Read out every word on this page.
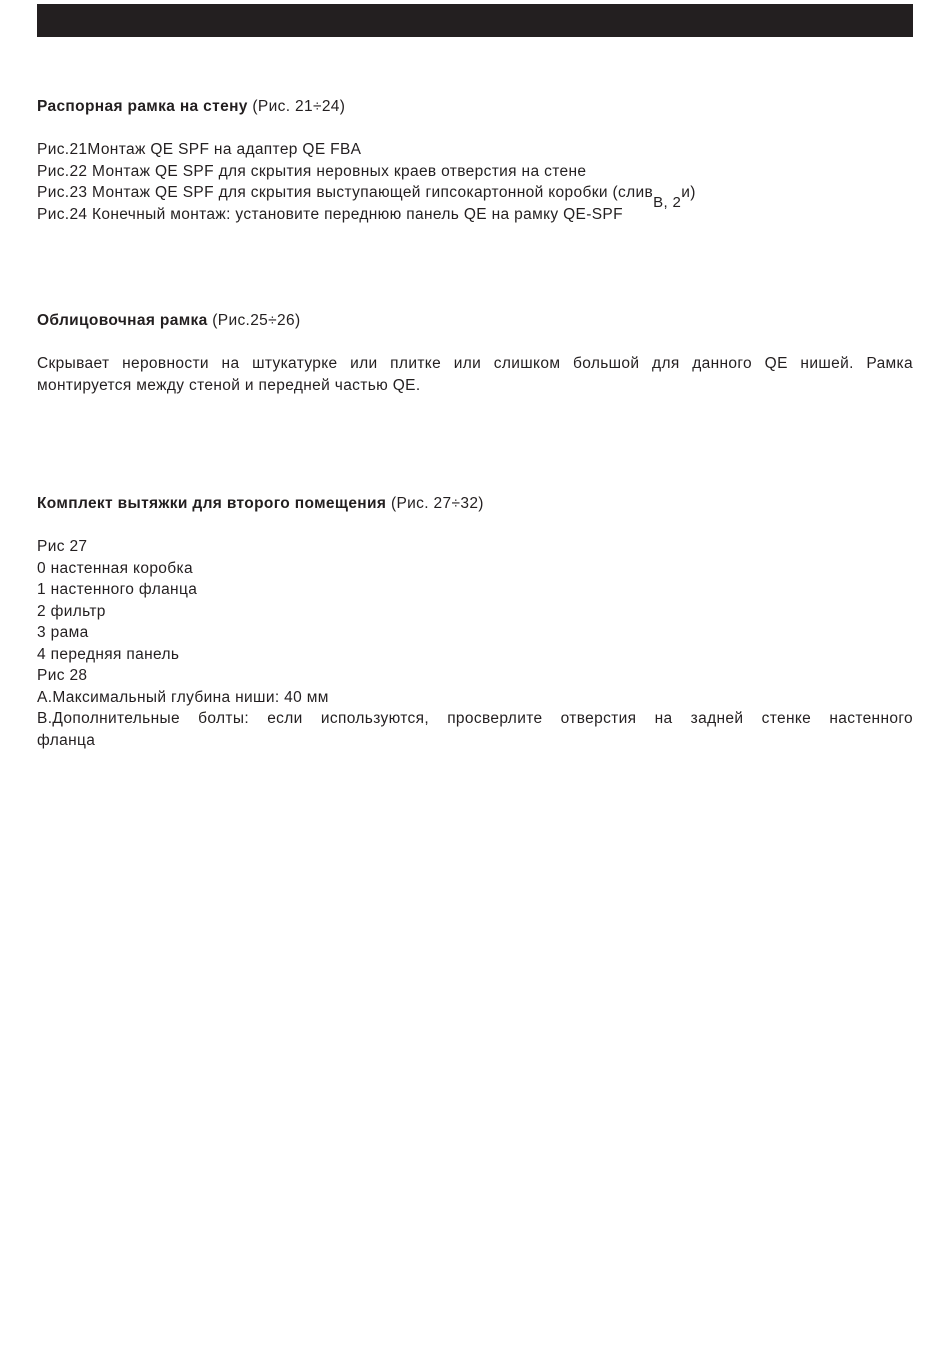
Распорная рамка на стену (Рис. 21÷24)
Рис.21Монтаж QE SPF на адаптер QE FBA
Рис.22 Монтаж QE SPF для скрытия неровных краев отверстия на стене
Рис.23 Монтаж QE SPF для скрытия выступающей гипсокартонной коробки (сливВ, 2и)
Рис.24 Конечный монтаж: установите переднюю панель QE на рамку QE-SPF
Облицовочная рамка (Рис.25÷26)
Скрывает неровности на штукатурке или плитке или слишком большой для данного QE нишей. Рамка
монтируется между стеной и передней частью QE.
Комплект вытяжки для второго помещения (Рис. 27÷32)
Рис 27
0 настенная коробка
1 настенного фланца
2 фильтр
3 рама
4 передняя панель
Рис 28
A.Максимальный глубина ниши: 40 мм
B.Дополнительные болты: если используются, просверлите отверстия на задней стенке настенного
фланца
